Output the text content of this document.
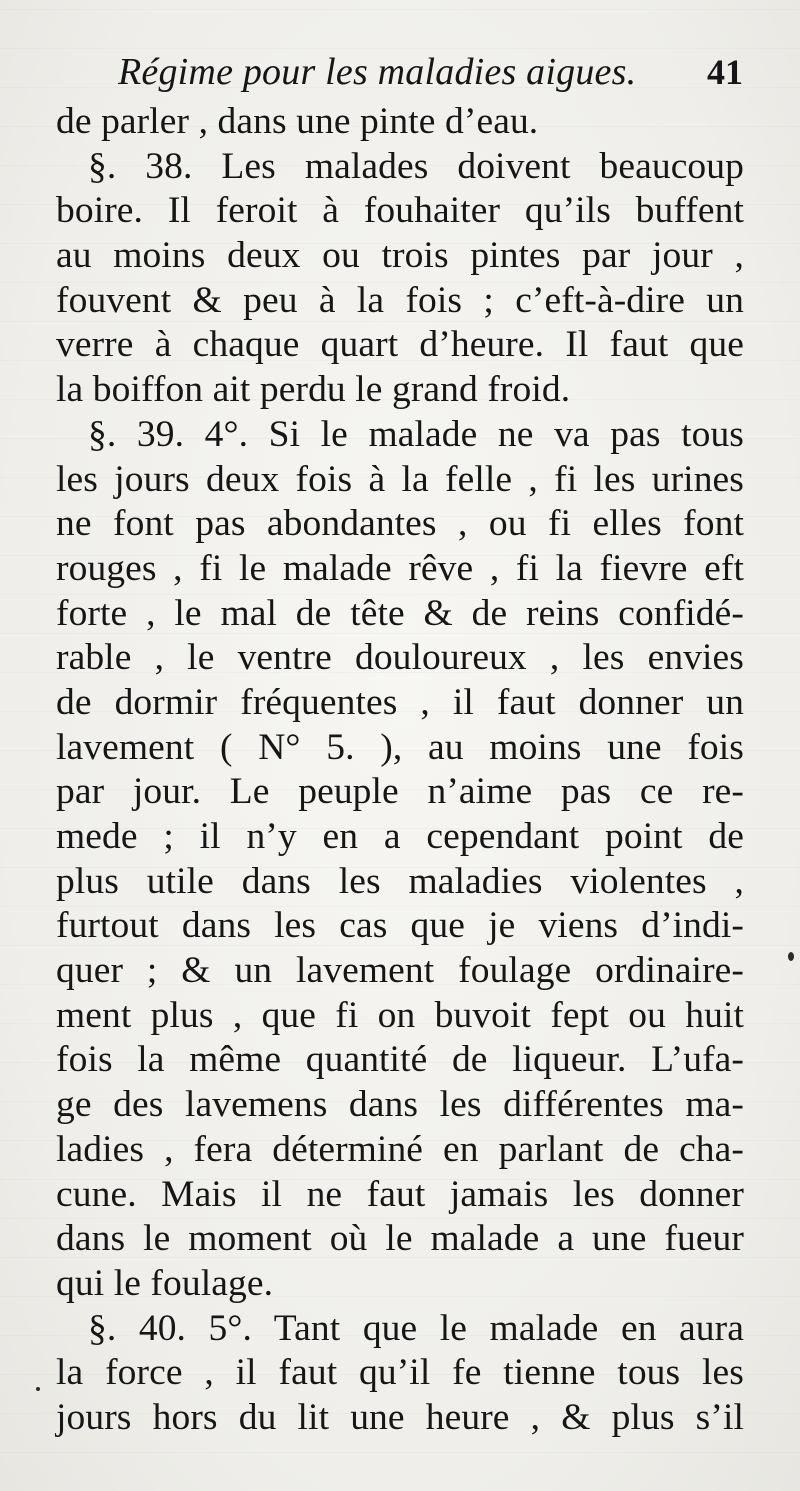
Régime pour les maladies aigues. 41
de parler , dans une pinte d’eau.
§. 38. Les malades doivent beaucoup
boire. Il feroit à fouhaiter qu’ils buffent
au moins deux ou trois pintes par jour ,
fouvent & peu à la fois ; c’eft-à-dire un
verre à chaque quart d’heure. Il faut que
la boiffon ait perdu le grand froid.
§. 39. 4°. Si le malade ne va pas tous
les jours deux fois à la felle , fi les urines
ne font pas abondantes , ou fi elles font
rouges , fi le malade rêve , fi la fievre eft
forte , le mal de tête & de reins confidé-
rable , le ventre douloureux , les envies
de dormir fréquentes , il faut donner un
lavement ( N° 5. ), au moins une fois
par jour. Le peuple n’aime pas ce re-
mede ; il n’y en a cependant point de
plus utile dans les maladies violentes ,
furtout dans les cas que je viens d’indi-
quer ; & un lavement foulage ordinaire-
ment plus , que fi on buvoit fept ou huit
fois la même quantité de liqueur. L’ufa-
ge des lavemens dans les différentes ma-
ladies , fera déterminé en parlant de cha-
cune. Mais il ne faut jamais les donner
dans le moment où le malade a une fueur
qui le foulage.
§. 40. 5°. Tant que le malade en aura
la force , il faut qu’il fe tienne tous les
jours hors du lit une heure , & plus s’il
